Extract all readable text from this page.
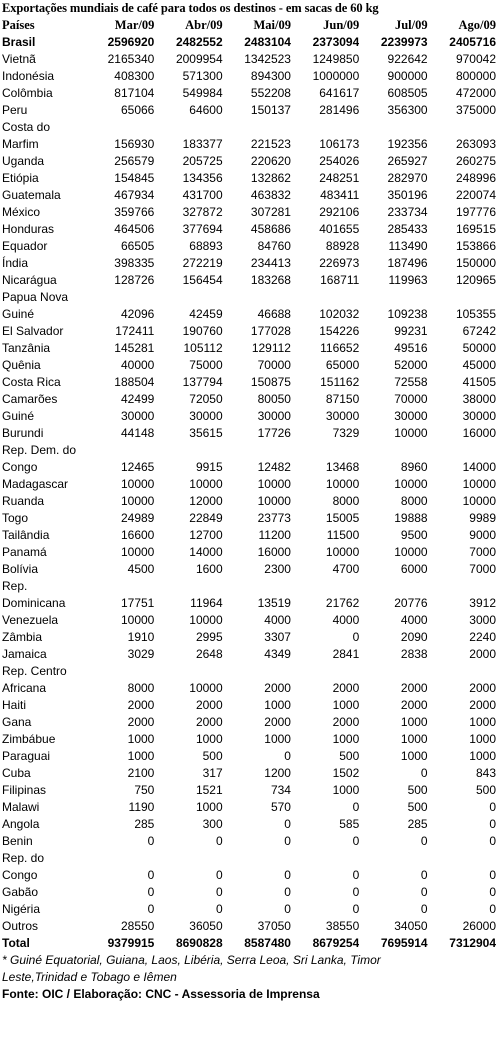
Exportações mundiais de café para todos os destinos - em sacas de 60 kg
Países	Mar/09	Abr/09	Mai/09	Jun/09	Jul/09	Ago/09
Brasil	2596920	2482552	2483104	2373094	2239973	2405716
Vietnã	2165340	2009954	1342523	1249850	922642	970042
Indonésia	408300	571300	894300	1000000	900000	800000
Colômbia	817104	549984	552208	641617	608505	472000
Peru	65066	64600	150137	281496	356300	375000
Costa do						
Marfim	156930	183377	221523	106173	192356	263093
Uganda	256579	205725	220620	254026	265927	260275
Etiópia	154845	134356	132862	248251	282970	248996
Guatemala	467934	431700	463832	483411	350196	220074
México	359766	327872	307281	292106	233734	197776
Honduras	464506	377694	458686	401655	285433	169515
Equador	66505	68893	84760	88928	113490	153866
Índia	398335	272219	234413	226973	187496	150000
Nicarágua	128726	156454	183268	168711	119963	120965
Papua Nova						
Guiné	42096	42459	46688	102032	109238	105355
El Salvador	172411	190760	177028	154226	99231	67242
Tanzânia	145281	105112	129112	116652	49516	50000
Quênia	40000	75000	70000	65000	52000	45000
Costa Rica	188504	137794	150875	151162	72558	41505
Camarões	42499	72050	80050	87150	70000	38000
Guiné	30000	30000	30000	30000	30000	30000
Burundi	44148	35615	17726	7329	10000	16000
Rep. Dem. do						
Congo	12465	9915	12482	13468	8960	14000
Madagascar	10000	10000	10000	10000	10000	10000
Ruanda	10000	12000	10000	8000	8000	10000
Togo	24989	22849	23773	15005	19888	9989
Tailândia	16600	12700	11200	11500	9500	9000
Panamá	10000	14000	16000	10000	10000	7000
Bolívia	4500	1600	2300	4700	6000	7000
Rep.						
Dominicana	17751	11964	13519	21762	20776	3912
Venezuela	10000	10000	4000	4000	4000	3000
Zâmbia	1910	2995	3307	0	2090	2240
Jamaica	3029	2648	4349	2841	2838	2000
Rep. Centro						
Africana	8000	10000	2000	2000	2000	2000
Haiti	2000	2000	1000	1000	2000	2000
Gana	2000	2000	2000	2000	1000	1000
Zimbábue	1000	1000	1000	1000	1000	1000
Paraguai	1000	500	0	500	1000	1000
Cuba	2100	317	1200	1502	0	843
Filipinas	750	1521	734	1000	500	500
Malawi	1190	1000	570	0	500	0
Angola	285	300	0	585	285	0
Benin	0	0	0	0	0	0
Rep. do						
Congo	0	0	0	0	0	0
Gabão	0	0	0	0	0	0
Nigéria	0	0	0	0	0	0
Outros	28550	36050	37050	38550	34050	26000
Total	9379915	8690828	8587480	8679254	7695914	7312904
* Guiné Equatorial, Guiana, Laos, Libéria, Serra Leoa, Sri Lanka, Timor Leste,Trinidad e Tobago e Iêmen
Fonte: OIC / Elaboração: CNC - Assessoria de Imprensa
